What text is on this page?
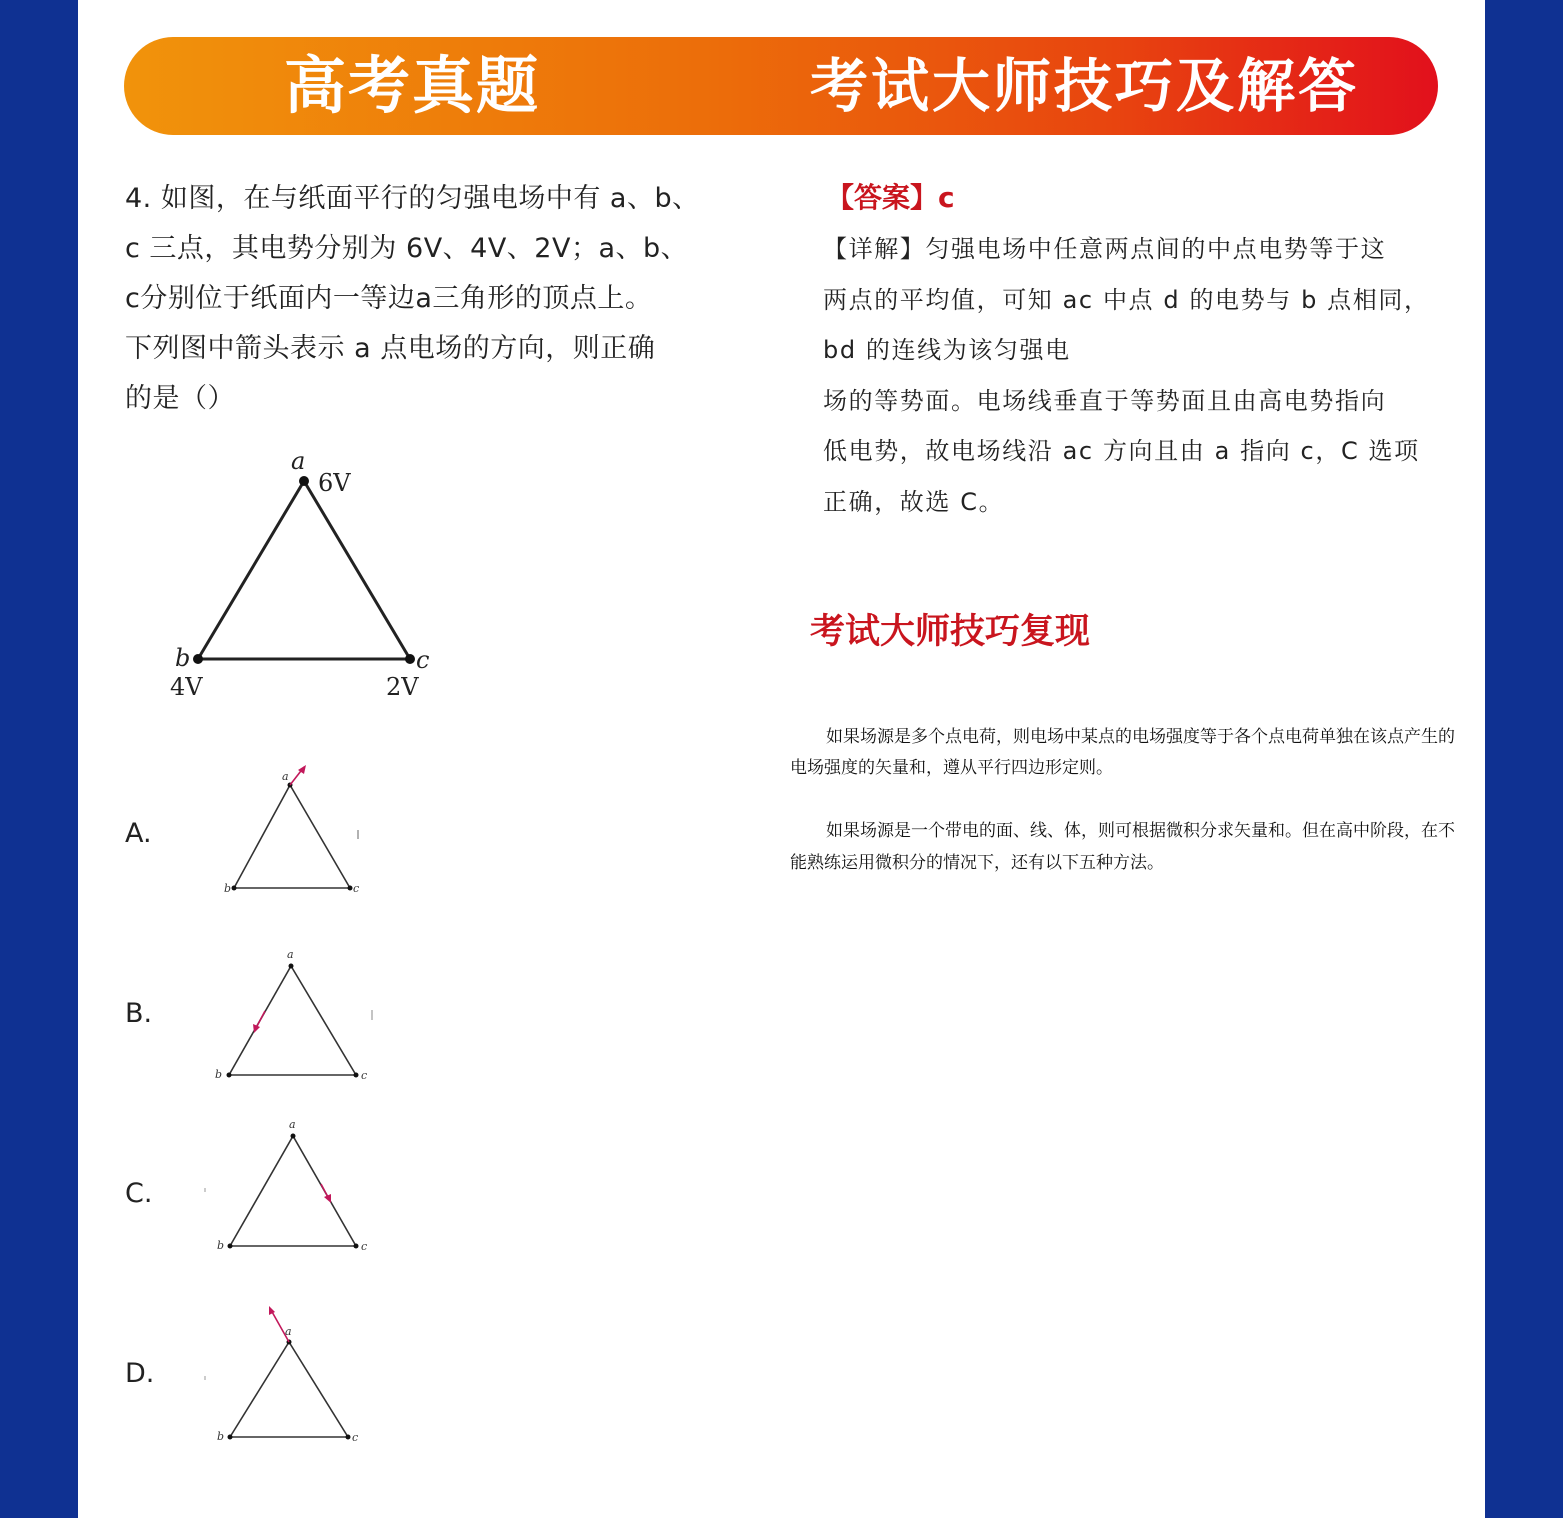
高考真题	考试大师技巧及解答
4. 如图，在与纸面平行的匀强电场中有 a、b、
c 三点，其电势分别为 6V、4V、2V；a、b、
c分别位于纸面内一等边a三角形的顶点上。
下列图中箭头表示 a 点电场的方向，则正确
的是（）
a
6V
b
4V
c
2V
A.
a
b	c
B.
a
b	c
C.
a
b	c
D.
a
b	c
【答案】c
【详解】匀强电场中任意两点间的中点电势等于这
两点的平均值，可知 ac 中点 d 的电势与 b 点相同，
bd 的连线为该匀强电
场的等势面。电场线垂直于等势面且由高电势指向
低电势，故电场线沿 ac 方向且由 a 指向 c，C 选项
正确，故选 C。
考试大师技巧复现

如果场源是多个点电荷，则电场中某点的电场强度等于各个点电荷单独在该点产生的电场强度的矢量和，遵从平行四边形定则。

如果场源是一个带电的面、线、体，则可根据微积分求矢量和。但在高中阶段，在不能熟练运用微积分的情况下，还有以下五种方法。
